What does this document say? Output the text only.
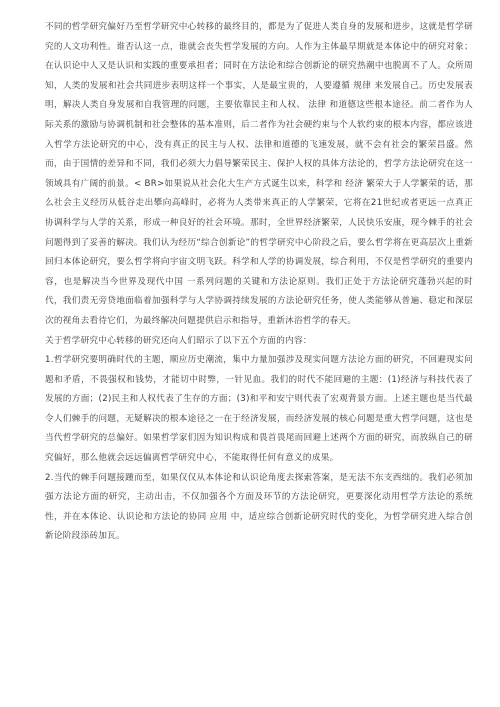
不同的哲学研究偏好乃至哲学研究中心转移的最终目的，都是为了促进人类自身的发展和进步，这就是哲学研究的人文功利性。谁否认这一点，谁就会丧失哲学发展的方向。人作为主体最早期就是本体论中的研究对象；在认识论中人又是认识和实践的重要承担者；同时在方法论和综合创新论的研究热潮中也脱离不了人。众所周知，人类的发展和社会共同进步表明这样一个事实，人是最宝贵的，人要遵循 规律 来发展自己。历史发展表明，解决人类自身发展和自我管理的问题，主要依靠民主和人权、 法律 和道德这些根本途径。前二者作为人际关系的激励与协调机制和社会整体的基本准则，后二者作为社会硬约束与个人软约束的根本内容，都应该进入哲学方法论研究的中心，没有真正的民主与人权、法律和道德的飞速发展，就不会有社会的繁荣昌盛。然而，由于国情的差异和不同，我们必须大力倡导繁荣民主、保护人权的具体方法论的，哲学方法论研究在这一领域具有广阔的前景。< BR>如果说从社会化大生产方式诞生以来，科学和 经济 繁荣大于人学繁荣的话，那么社会主义经历从低谷走出攀向高峰时，必将为人类带来真正的人学繁荣，它将在21世纪或者更远一点真正协调科学与人学的关系，形成一种良好的社会环境。那时，全世界经济繁荣，人民快乐安康，现今棘手的社会问题得到了妥善的解决。我们认为经历“综合创新论”的哲学研究中心阶段之后，要么哲学将在更高层次上重新回归本体论研究，要么哲学将向宇宙文明飞跃。科学和人学的协调发展，综合利用，不仅是哲学研究的重要内容，也是解决当今世界及现代中国 一系列问题的关键和方法论原则。我们正处于方法论研究蓬勃兴起的时代，我们责无旁贷地面临着加强科学与人学协调持续发展的方法论研究任务，使人类能够从普遍、稳定和深层次的视角去看待它们，为最终解决问题提供启示和指导，重新沐浴哲学的春天。

关于哲学研究中心转移的研究还向人们昭示了以下五个方面的内容：

1.哲学研究要明确时代的主题，顺应历史潮流，集中力量加强涉及现实问题方法论方面的研究，不回避现实问题和矛盾，不畏强权和钱势，才能切中时弊，一针见血。我们的时代不能回避的主题：(1)经济与科技代表了发展的方面；(2)民主和人权代表了生存的方面；(3)和平和安宁则代表了宏观背景方面。上述主题也是当代最令人们棘手的问题，无疑解决的根本途径之一在于经济发展，而经济发展的核心问题是重大哲学问题，这也是当代哲学研究的总偏好。如果哲学家们因为知识构成和畏首畏尾而回避上述两个方面的研究，而放纵自己的研究偏好，那么他就会远远偏离哲学研究中心，不能取得任何有意义的成果。

2.当代的棘手问题接踵而至，如果仅仅从本体论和认识论角度去探索答案，是无法不东支西绌的。我们必须加强方法论方面的研究，主动出击，不仅加强各个方面及环节的方法论研究，更要深化动用哲学方法论的系统性，并在本体论、认识论和方法论的协同 应用 中，适应综合创新论研究时代的变化，为哲学研究进入综合创新论阶段添砖加瓦。
